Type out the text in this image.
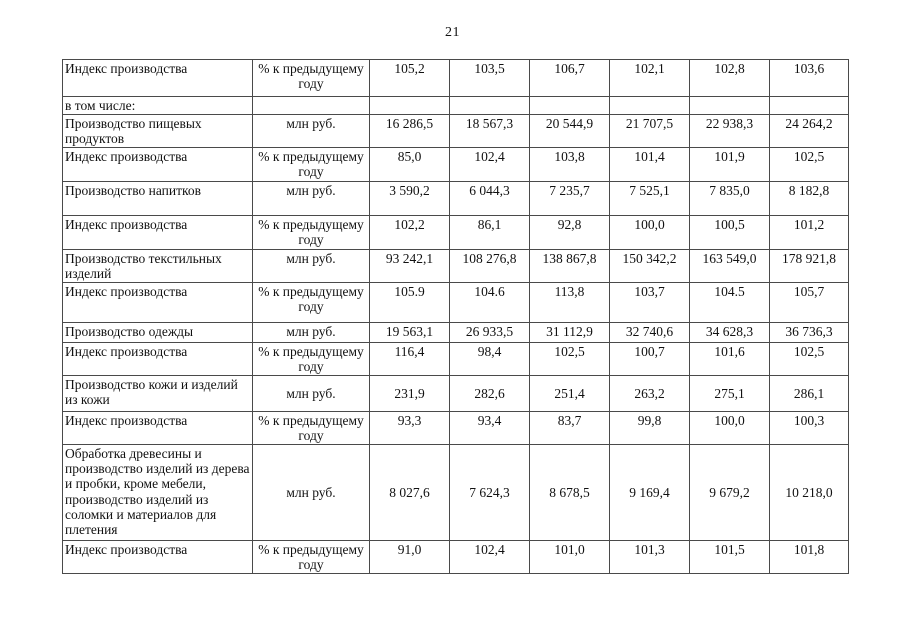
21
Индекс производства	% к предыдущему году	105,2	103,5	106,7	102,1	102,8	103,6
в том числе:							
Производство пищевых продуктов	млн руб.	16 286,5	18 567,3	20 544,9	21 707,5	22 938,3	24 264,2
Индекс производства	% к предыдущему году	85,0	102,4	103,8	101,4	101,9	102,5
Производство напитков	млн руб.	3 590,2	6 044,3	7 235,7	7 525,1	7 835,0	8 182,8
Индекс производства	% к предыдущему году	102,2	86,1	92,8	100,0	100,5	101,2
Производство текстильных изделий	млн руб.	93 242,1	108 276,8	138 867,8	150 342,2	163 549,0	178 921,8
Индекс производства	% к предыдущему году	105.9	104.6	113,8	103,7	104.5	105,7
Производство одежды	млн руб.	19 563,1	26 933,5	31 112,9	32 740,6	34 628,3	36 736,3
Индекс производства	% к предыдущему году	116,4	98,4	102,5	100,7	101,6	102,5
Производство кожи и изделий из кожи	млн руб.	231,9	282,6	251,4	263,2	275,1	286,1
Индекс производства	% к предыдущему году	93,3	93,4	83,7	99,8	100,0	100,3
Обработка древесины и производство изделий из дерева и пробки, кроме мебели, производство изделий из соломки и материалов для плетения	млн руб.	8 027,6	7 624,3	8 678,5	9 169,4	9 679,2	10 218,0
Индекс производства	% к предыдущему году	91,0	102,4	101,0	101,3	101,5	101,8
